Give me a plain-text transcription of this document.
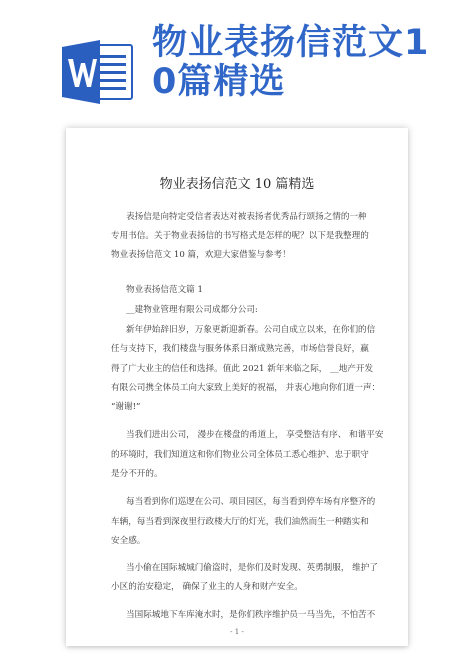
物业表扬信范文1
0篇精选
物业表扬信范文 10 篇精选
表扬信是向特定受信者表达对被表扬者优秀品行颂扬之情的一种
专用书信。关于物业表扬信的书写格式是怎样的呢？以下是我整理的
物业表扬信范文 10 篇，欢迎大家借鉴与参考！
物业表扬信范文篇 1
__建物业管理有限公司成都分公司:
新年伊始辞旧岁，万象更新迎新春。公司自成立以来，在你们的信
任与支持下，我们楼盘与服务体系日渐成熟完善，市场信誉良好，赢
得了广大业主的信任和选择。值此 2021 新年来临之际， __地产开发
有限公司携全体员工向大家致上美好的祝福， 并衷心地向你们道一声：
“谢谢!”
当我们进出公司， 漫步在楼盘的甬道上， 享受整洁有序、 和谐平安
的环境时，我们知道这和你们物业公司全体员工悉心维护、忠于职守
是分不开的。
每当看到你们巡逻在公司、项目园区，每当看到停车场有序整齐的
车辆，每当看到深夜里行政楼大厅的灯光，我们油然而生一种踏实和
安全感。
当小偷在国际城城门偷盗时，是你们及时发现、英勇制服， 维护了
小区的治安稳定， 确保了业主的人身和财产安全。
当国际城地下车库淹水时，是你们秩序维护员一马当先，不怕苦不
- 1 -
